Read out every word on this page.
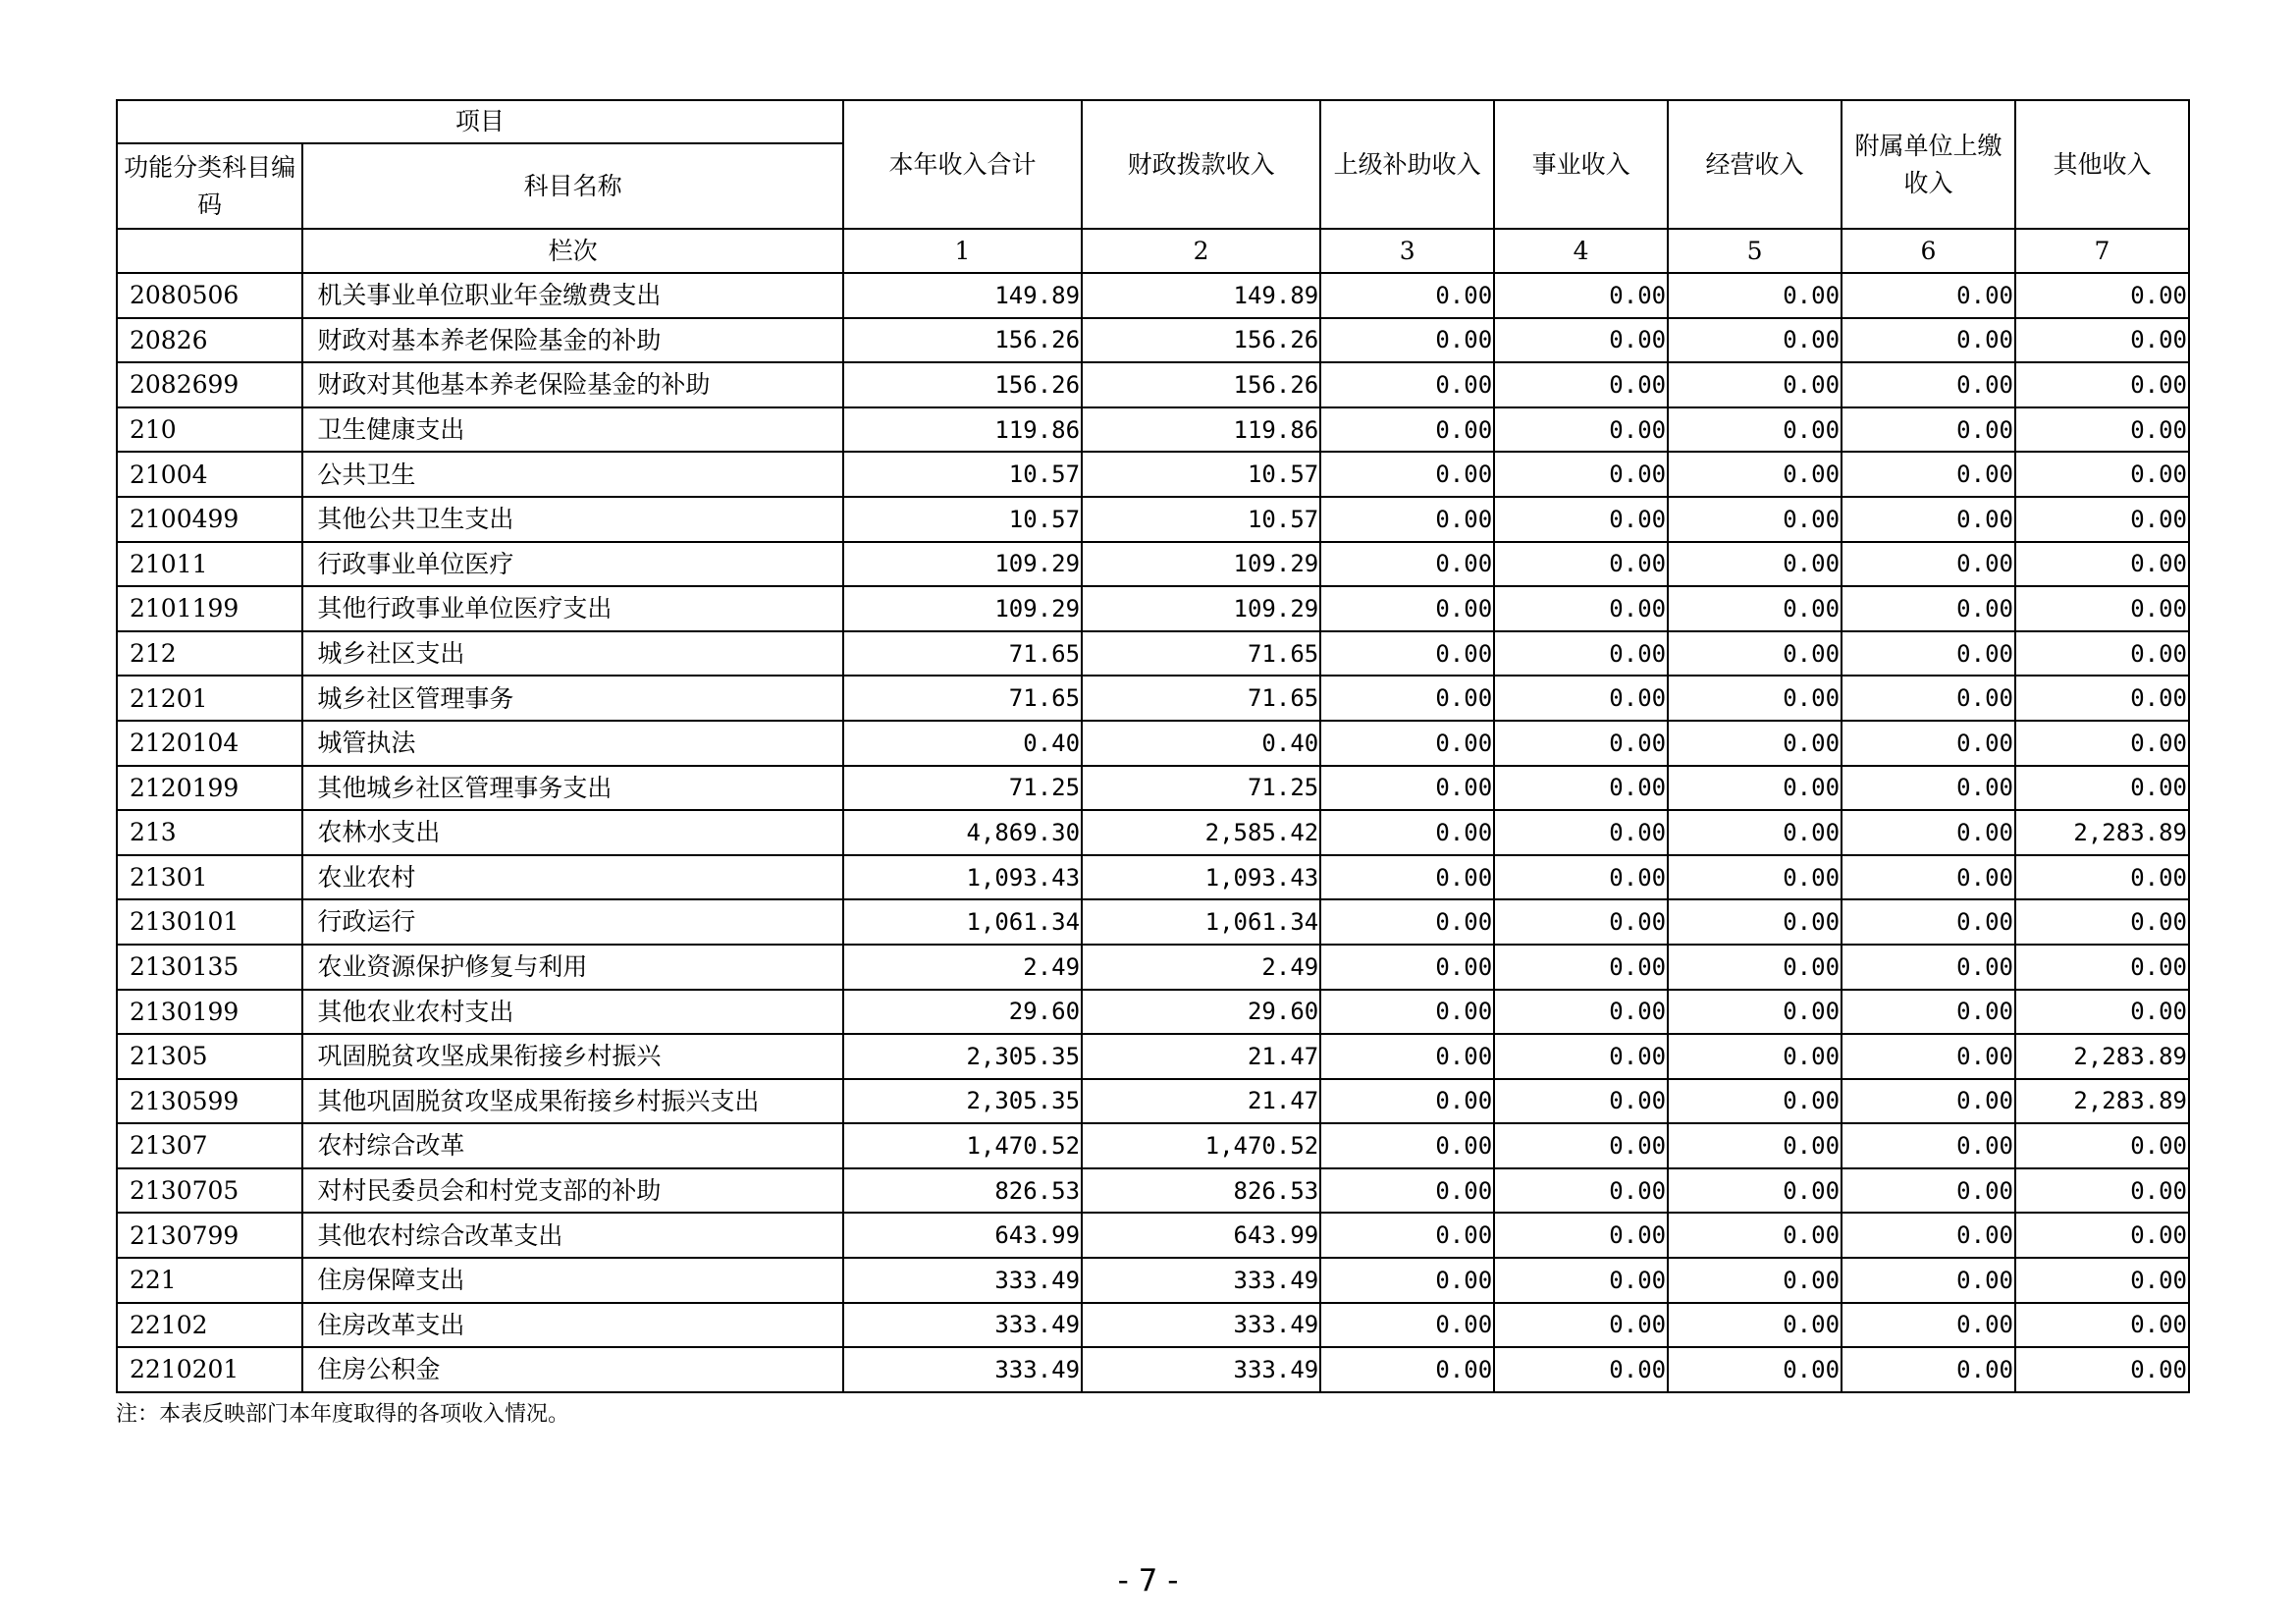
项目		本年收入合计	财政拨款收入	上级补助收入	事业收入	经营收入	附属单位上缴收入	其他收入
功能分类科目编码	科目名称							
	栏次	1	2	3	4	5	6	7
2080506	机关事业单位职业年金缴费支出	149.89	149.89	0.00	0.00	0.00	0.00	0.00
20826	财政对基本养老保险基金的补助	156.26	156.26	0.00	0.00	0.00	0.00	0.00
2082699	财政对其他基本养老保险基金的补助	156.26	156.26	0.00	0.00	0.00	0.00	0.00
210	卫生健康支出	119.86	119.86	0.00	0.00	0.00	0.00	0.00
21004	公共卫生	10.57	10.57	0.00	0.00	0.00	0.00	0.00
2100499	其他公共卫生支出	10.57	10.57	0.00	0.00	0.00	0.00	0.00
21011	行政事业单位医疗	109.29	109.29	0.00	0.00	0.00	0.00	0.00
2101199	其他行政事业单位医疗支出	109.29	109.29	0.00	0.00	0.00	0.00	0.00
212	城乡社区支出	71.65	71.65	0.00	0.00	0.00	0.00	0.00
21201	城乡社区管理事务	71.65	71.65	0.00	0.00	0.00	0.00	0.00
2120104	城管执法	0.40	0.40	0.00	0.00	0.00	0.00	0.00
2120199	其他城乡社区管理事务支出	71.25	71.25	0.00	0.00	0.00	0.00	0.00
213	农林水支出	4,869.30	2,585.42	0.00	0.00	0.00	0.00	2,283.89
21301	农业农村	1,093.43	1,093.43	0.00	0.00	0.00	0.00	0.00
2130101	行政运行	1,061.34	1,061.34	0.00	0.00	0.00	0.00	0.00
2130135	农业资源保护修复与利用	2.49	2.49	0.00	0.00	0.00	0.00	0.00
2130199	其他农业农村支出	29.60	29.60	0.00	0.00	0.00	0.00	0.00
21305	巩固脱贫攻坚成果衔接乡村振兴	2,305.35	21.47	0.00	0.00	0.00	0.00	2,283.89
2130599	其他巩固脱贫攻坚成果衔接乡村振兴支出	2,305.35	21.47	0.00	0.00	0.00	0.00	2,283.89
21307	农村综合改革	1,470.52	1,470.52	0.00	0.00	0.00	0.00	0.00
2130705	对村民委员会和村党支部的补助	826.53	826.53	0.00	0.00	0.00	0.00	0.00
2130799	其他农村综合改革支出	643.99	643.99	0.00	0.00	0.00	0.00	0.00
221	住房保障支出	333.49	333.49	0.00	0.00	0.00	0.00	0.00
22102	住房改革支出	333.49	333.49	0.00	0.00	0.00	0.00	0.00
2210201	住房公积金	333.49	333.49	0.00	0.00	0.00	0.00	0.00
注：本表反映部门本年度取得的各项收入情况。
- 7 -
